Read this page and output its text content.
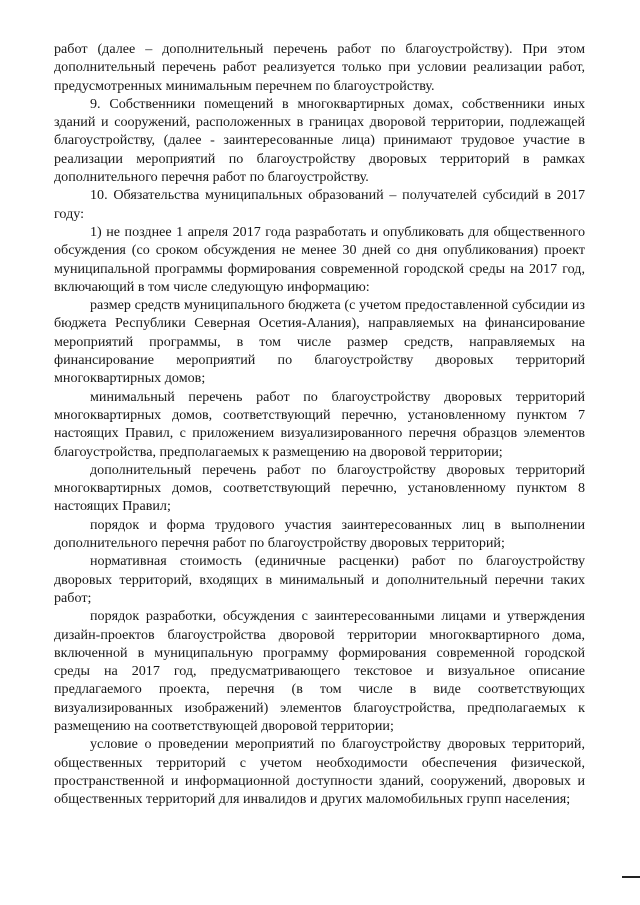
работ (далее – дополнительный перечень работ по благоустройству). При этом дополнительный перечень работ реализуется только при условии реализации работ, предусмотренных минимальным перечнем по благоустройству.

9. Собственники помещений в многоквартирных домах, собственники иных зданий и сооружений, расположенных в границах дворовой территории, подлежащей благоустройству, (далее - заинтересованные лица) принимают трудовое участие в реализации мероприятий по благоустройству дворовых территорий в рамках дополнительного перечня работ по благоустройству.

10. Обязательства муниципальных образований – получателей субсидий в 2017 году:

1) не позднее 1 апреля 2017 года разработать и опубликовать для общественного обсуждения (со сроком обсуждения не менее 30 дней со дня опубликования) проект муниципальной программы формирования современной городской среды на 2017 год, включающий в том числе следующую информацию:

размер средств муниципального бюджета (с учетом предоставленной субсидии из бюджета Республики Северная Осетия-Алания), направляемых на финансирование мероприятий программы, в том числе размер средств, направляемых на финансирование мероприятий по благоустройству дворовых территорий многоквартирных домов;

минимальный перечень работ по благоустройству дворовых территорий многоквартирных домов, соответствующий перечню, установленному пунктом 7 настоящих Правил, с приложением визуализированного перечня образцов элементов благоустройства, предполагаемых к размещению на дворовой территории;

дополнительный перечень работ по благоустройству дворовых территорий многоквартирных домов, соответствующий перечню, установленному пунктом 8 настоящих Правил;

порядок и форма трудового участия заинтересованных лиц в выполнении дополнительного перечня работ по благоустройству дворовых территорий;

нормативная стоимость (единичные расценки) работ по благоустройству дворовых территорий, входящих в минимальный и дополнительный перечни таких работ;

порядок разработки, обсуждения с заинтересованными лицами и утверждения дизайн-проектов благоустройства дворовой территории многоквартирного дома, включенной в муниципальную программу формирования современной городской среды на 2017 год, предусматривающего текстовое и визуальное описание предлагаемого проекта, перечня (в том числе в виде соответствующих визуализированных изображений) элементов благоустройства, предполагаемых к размещению на соответствующей дворовой территории;

условие о проведении мероприятий по благоустройству дворовых территорий, общественных территорий с учетом необходимости обеспечения физической, пространственной и информационной доступности зданий, сооружений, дворовых и общественных территорий для инвалидов и других маломобильных групп населения;
